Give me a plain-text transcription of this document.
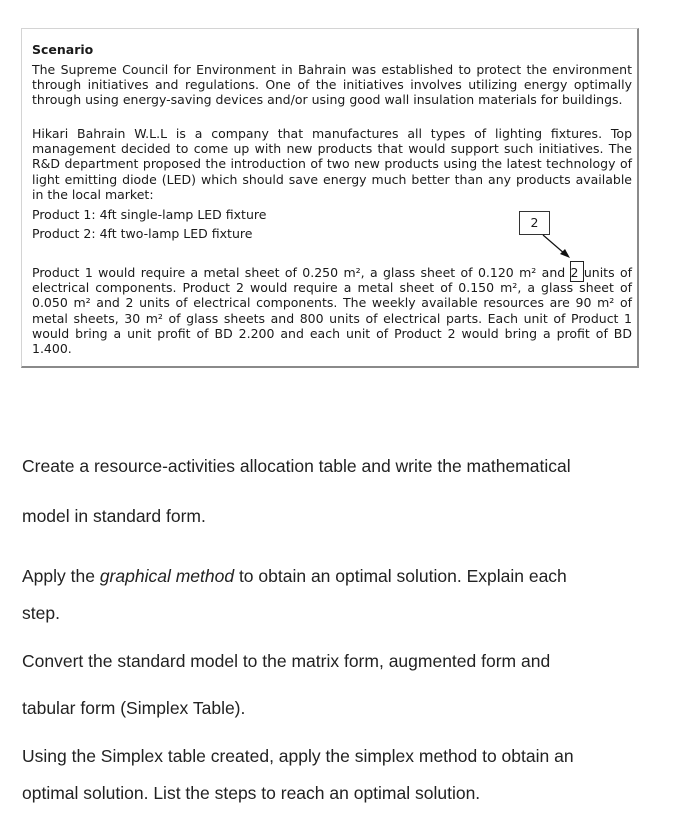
Scenario
The Supreme Council for Environment in Bahrain was established to protect the environment through initiatives and regulations. One of the initiatives involves utilizing energy optimally through using energy-saving devices and/or using good wall insulation materials for buildings.
Hikari Bahrain W.L.L is a company that manufactures all types of lighting fixtures. Top management decided to come up with new products that would support such initiatives. The R&D department proposed the introduction of two new products using the latest technology of light emitting diode (LED) which should save energy much better than any products available in the local market:
Product 1: 4ft single-lamp LED fixture
Product 2: 4ft two-lamp LED fixture
Product 1 would require a metal sheet of 0.250 m², a glass sheet of 0.120 m² and 2 units of electrical components. Product 2 would require a metal sheet of 0.150 m², a glass sheet of 0.050 m² and 2 units of electrical components. The weekly available resources are 90 m² of metal sheets, 30 m² of glass sheets and 800 units of electrical parts. Each unit of Product 1 would bring a unit profit of BD 2.200 and each unit of Product 2 would bring a profit of BD 1.400.
2
Create a resource-activities allocation table and write the mathematical
model in standard form.
Apply the graphical method to obtain an optimal solution. Explain each
step.
Convert the standard model to the matrix form, augmented form and
tabular form (Simplex Table).
Using the Simplex table created, apply the simplex method to obtain an
optimal solution. List the steps to reach an optimal solution.
